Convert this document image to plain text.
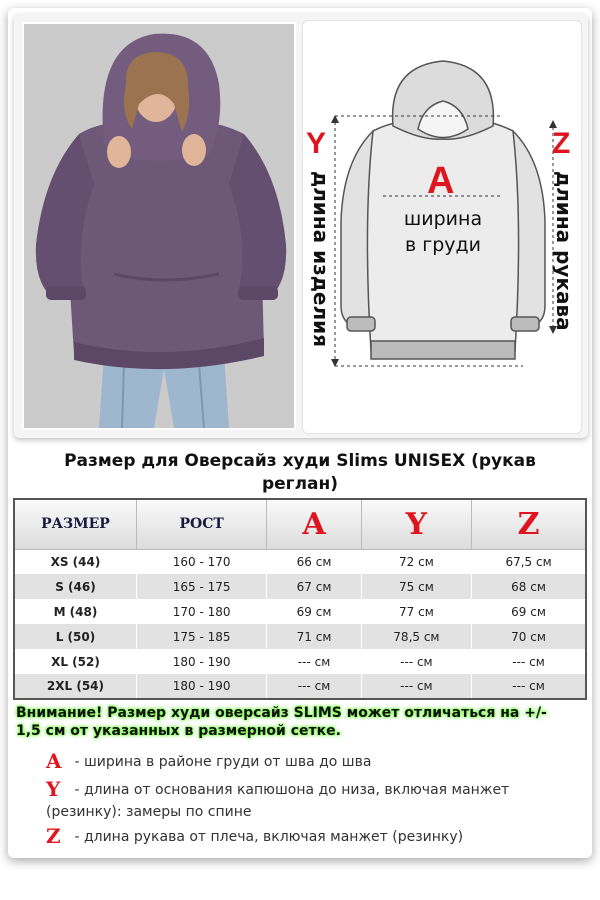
Y	Z
A
ширина
в груди
длина изделия	длина рукава
Размер для Оверсайз худи Slims UNISEX (рукав реглан)
РАЗМЕР	РОСТ	A	Y	Z
XS (44)	160 - 170	66 см	72 см	67,5 см
S (46)	165 - 175	67 см	75 см	68 см
M (48)	170 - 180	69 см	77 см	69 см
L (50)	175 - 185	71 см	78,5 см	70 см
XL (52)	180 - 190	--- см	--- см	--- см
2XL (54)	180 - 190	--- см	--- см	--- см
Внимание! Размер худи оверсайз SLIMS может отличаться на +/- 1,5 см от указанных в размерной сетке.
A - ширина в районе груди от шва до шва
Y - длина от основания капюшона до низа, включая манжет (резинку): замеры по спине
Z - длина рукава от плеча, включая манжет (резинку)
